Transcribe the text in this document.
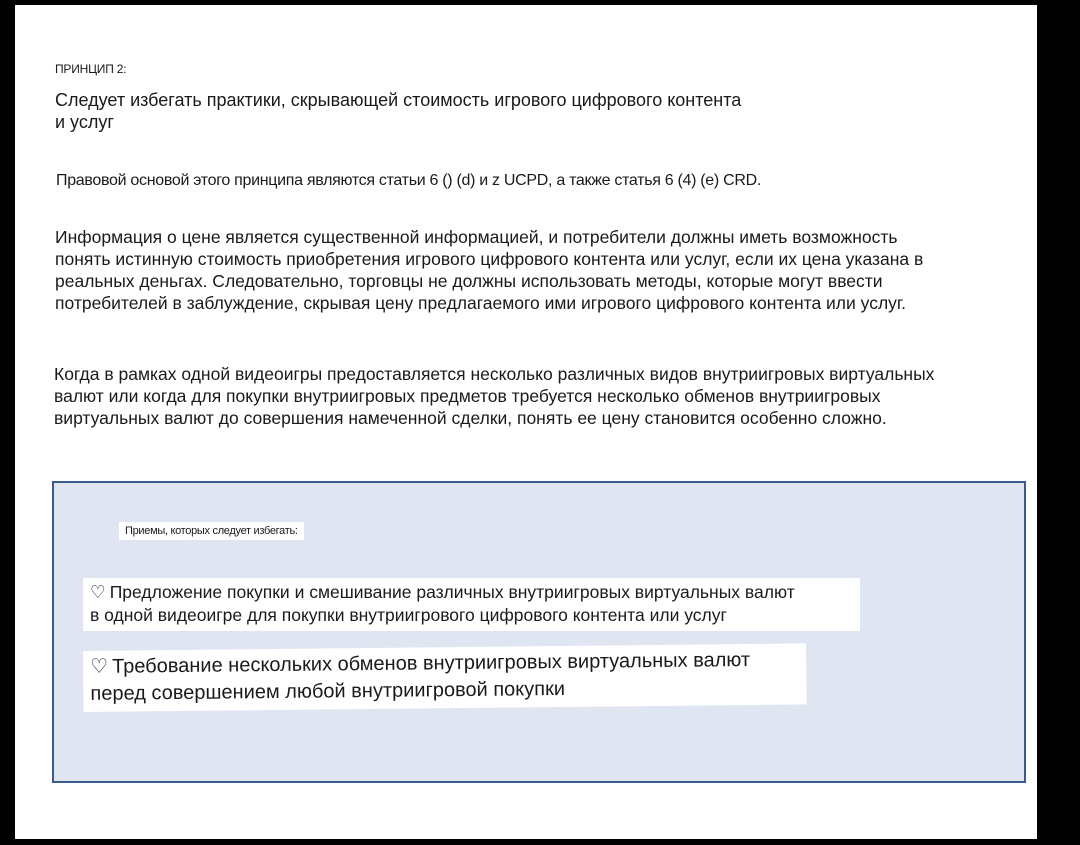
ПРИНЦИП 2:
Следует избегать практики, скрывающей стоимость игрового цифрового контента
и услуг
Правовой основой этого принципа являются статьи 6 () (d) и z UCPD, а также статья 6 (4) (e) CRD.
Информация о цене является существенной информацией, и потребители должны иметь возможность
понять истинную стоимость приобретения игрового цифрового контента или услуг, если их цена указана в
реальных деньгах. Следовательно, торговцы не должны использовать методы, которые могут ввести
потребителей в заблуждение, скрывая цену предлагаемого ими игрового цифрового контента или услуг.
Когда в рамках одной видеоигры предоставляется несколько различных видов внутриигровых виртуальных
валют или когда для покупки внутриигровых предметов требуется несколько обменов внутриигровых
виртуальных валют до совершения намеченной сделки, понять ее цену становится особенно сложно.
Приемы, которых следует избегать:
♡ Предложение покупки и смешивание различных внутриигровых виртуальных валют
в одной видеоигре для покупки внутриигрового цифрового контента или услуг
♡ Требование нескольких обменов внутриигровых виртуальных валют
перед совершением любой внутриигровой покупки
